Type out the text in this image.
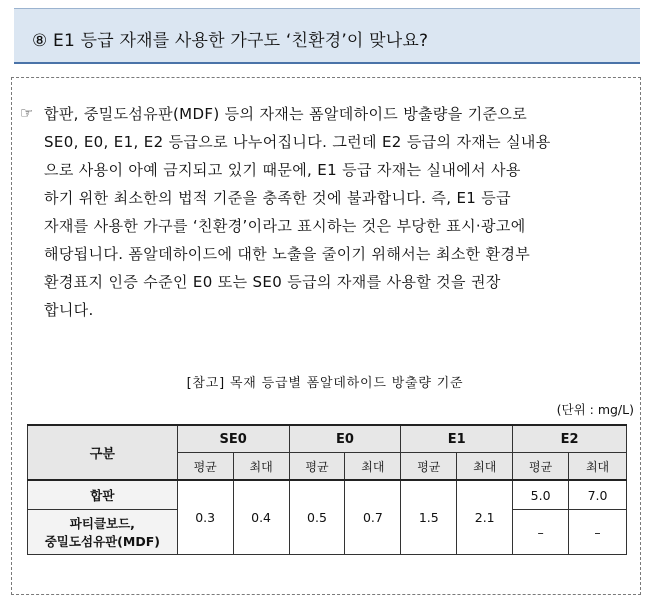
⑧ E1 등급 자재를 사용한 가구도 ‘친환경’이 맞나요?
☞ 합판, 중밀도섬유판(MDF) 등의 자재는 폼알데하이드 방출량을 기준으로
SE0, E0, E1, E2 등급으로 나누어집니다. 그런데 E2 등급의 자재는 실내용
으로 사용이 아예 금지되고 있기 때문에, E1 등급 자재는 실내에서 사용
하기 위한 최소한의 법적 기준을 충족한 것에 불과합니다. 즉, E1 등급
자재를 사용한 가구를 ‘친환경’이라고 표시하는 것은 부당한 표시·광고에
해당됩니다. 폼알데하이드에 대한 노출을 줄이기 위해서는 최소한 환경부
환경표지 인증 수준인 E0 또는 SE0 등급의 자재를 사용할 것을 권장
합니다.
[참고] 목재 등급별 폼알데하이드 방출량 기준
(단위 : mg/L)
구분	SE0		E0		E1		E2	
	평균	최대	평균	최대	평균	최대	평균	최대
합판	0.3	0.4	0.5	0.7	1.5	2.1	5.0	7.0

파티클보드,
중밀도섬유판(MDF)							–	–
